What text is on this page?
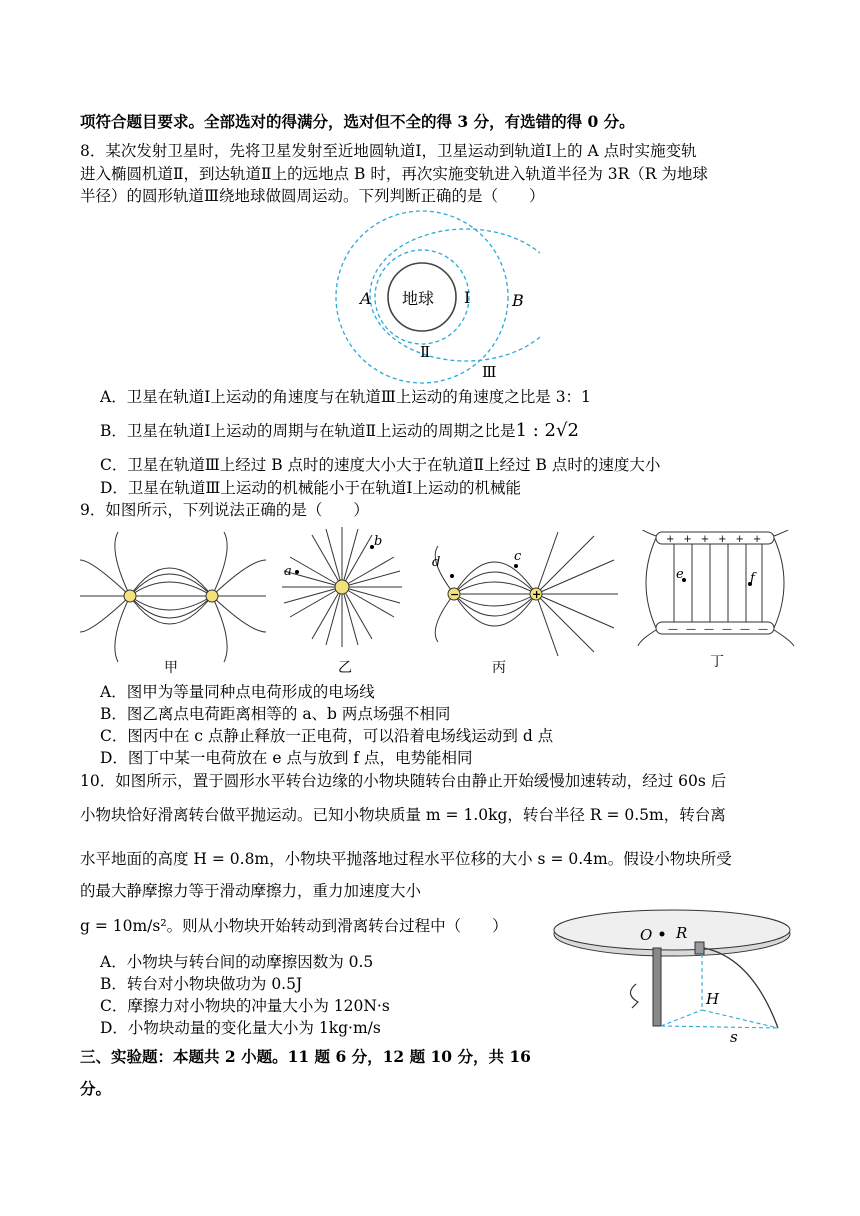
项符合题目要求。全部选对的得满分，选对但不全的得 3 分，有选错的得 0 分。
8．某次发射卫星时，先将卫星发射至近地圆轨道Ⅰ，卫星运动到轨道Ⅰ上的 A 点时实施变轨
进入椭圆机道Ⅱ，到达轨道Ⅱ上的远地点 B 时，再次实施变轨进入轨道半径为 3R（R 为地球
半径）的圆形轨道Ⅲ绕地球做圆周运动。下列判断正确的是（　　）
地球
A	Ⅰ	B
Ⅱ
Ⅲ
A．卫星在轨道Ⅰ上运动的角速度与在轨道Ⅲ上运动的角速度之比是 3：1
B．卫星在轨道Ⅰ上运动的周期与在轨道Ⅱ上运动的周期之比是1 : 2√2
C．卫星在轨道Ⅲ上经过 B 点时的速度大小大于在轨道Ⅱ上经过 B 点时的速度大小
D．卫星在轨道Ⅲ上运动的机械能小于在轨道Ⅰ上运动的机械能
9．如图所示，下列说法正确的是（　　）
甲
a
b
乙
−	+
d	c
丙
++++++
——————
e	f
丁
A．图甲为等量同种点电荷形成的电场线
B．图乙离点电荷距离相等的 a、b 两点场强不相同
C．图丙中在 c 点静止释放一正电荷，可以沿着电场线运动到 d 点
D．图丁中某一电荷放在 e 点与放到 f 点，电势能相同
10．如图所示，置于圆形水平转台边缘的小物块随转台由静止开始缓慢加速转动，经过 60s 后
小物块恰好滑离转台做平抛运动。已知小物块质量 m = 1.0kg，转台半径 R = 0.5m，转台离
水平地面的高度 H = 0.8m，小物块平抛落地过程水平位移的大小 s = 0.4m。假设小物块所受
的最大静摩擦力等于滑动摩擦力，重力加速度大小
g = 10m/s²。则从小物块开始转动到滑离转台过程中（　　）	O R
H
s
A．小物块与转台间的动摩擦因数为 0.5
B．转台对小物块做功为 0.5J
C．摩擦力对小物块的冲量大小为 120N·s
D．小物块动量的变化量大小为 1kg·m/s
三、实验题：本题共 2 小题。11 题 6 分，12 题 10 分，共 16
分。
